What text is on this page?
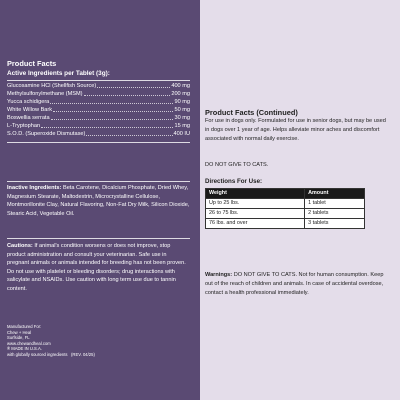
Product Facts
Active Ingredients per Tablet (3g):
Glucosamine HCl (Shellfish Source)	400 mg
Methylsulfonylmethane (MSM)	200 mg
Yucca schidigera	90 mg
White Willow Bark	50 mg
Boswellia serrata	30 mg
L-Tryptophan	15 mg
S.O.D. (Superoxide Dismutase)	400 IU
Inactive Ingredients: Beta Carotene, Dicalcium Phosphate, Dried Whey, Magnesium Stearate, Maltodextrin, Microcrystalline Cellulose, Montmorillonite Clay, Natural Flavoring, Non-Fat Dry Milk, Silicon Dioxide, Stearic Acid, Vegetable Oil.
Cautions: If animal's condition worsens or does not improve, stop product administration and consult your veterinarian. Safe use in pregnant animals or animals intended for breeding has not been proven. Do not use with platelet or bleeding disorders; drug interactions with salicylate and NSAIDs. Use caution with long term use due to tannin content.
Manufactured For:
Chew + Heal
Surfside, FL
www.chewandheal.com
® MADE IN U.S.A.
with globally sourced ingredients (REV. 04/25)
Product Facts (Continued)
For use in dogs only. Formulated for use in senior dogs, but may be used in dogs over 1 year of age. Helps alleviate minor aches and discomfort associated with normal daily exercise.
DO NOT GIVE TO CATS.
Directions For Use:
Weight	Amount
Up to 25 lbs.	1 tablet
26 to 75 lbs.	2 tablets
76 lbs. and over	3 tablets
Warnings: DO NOT GIVE TO CATS. Not for human consumption. Keep out of the reach of children and animals. In case of accidental overdose, contact a health professional immediately.
